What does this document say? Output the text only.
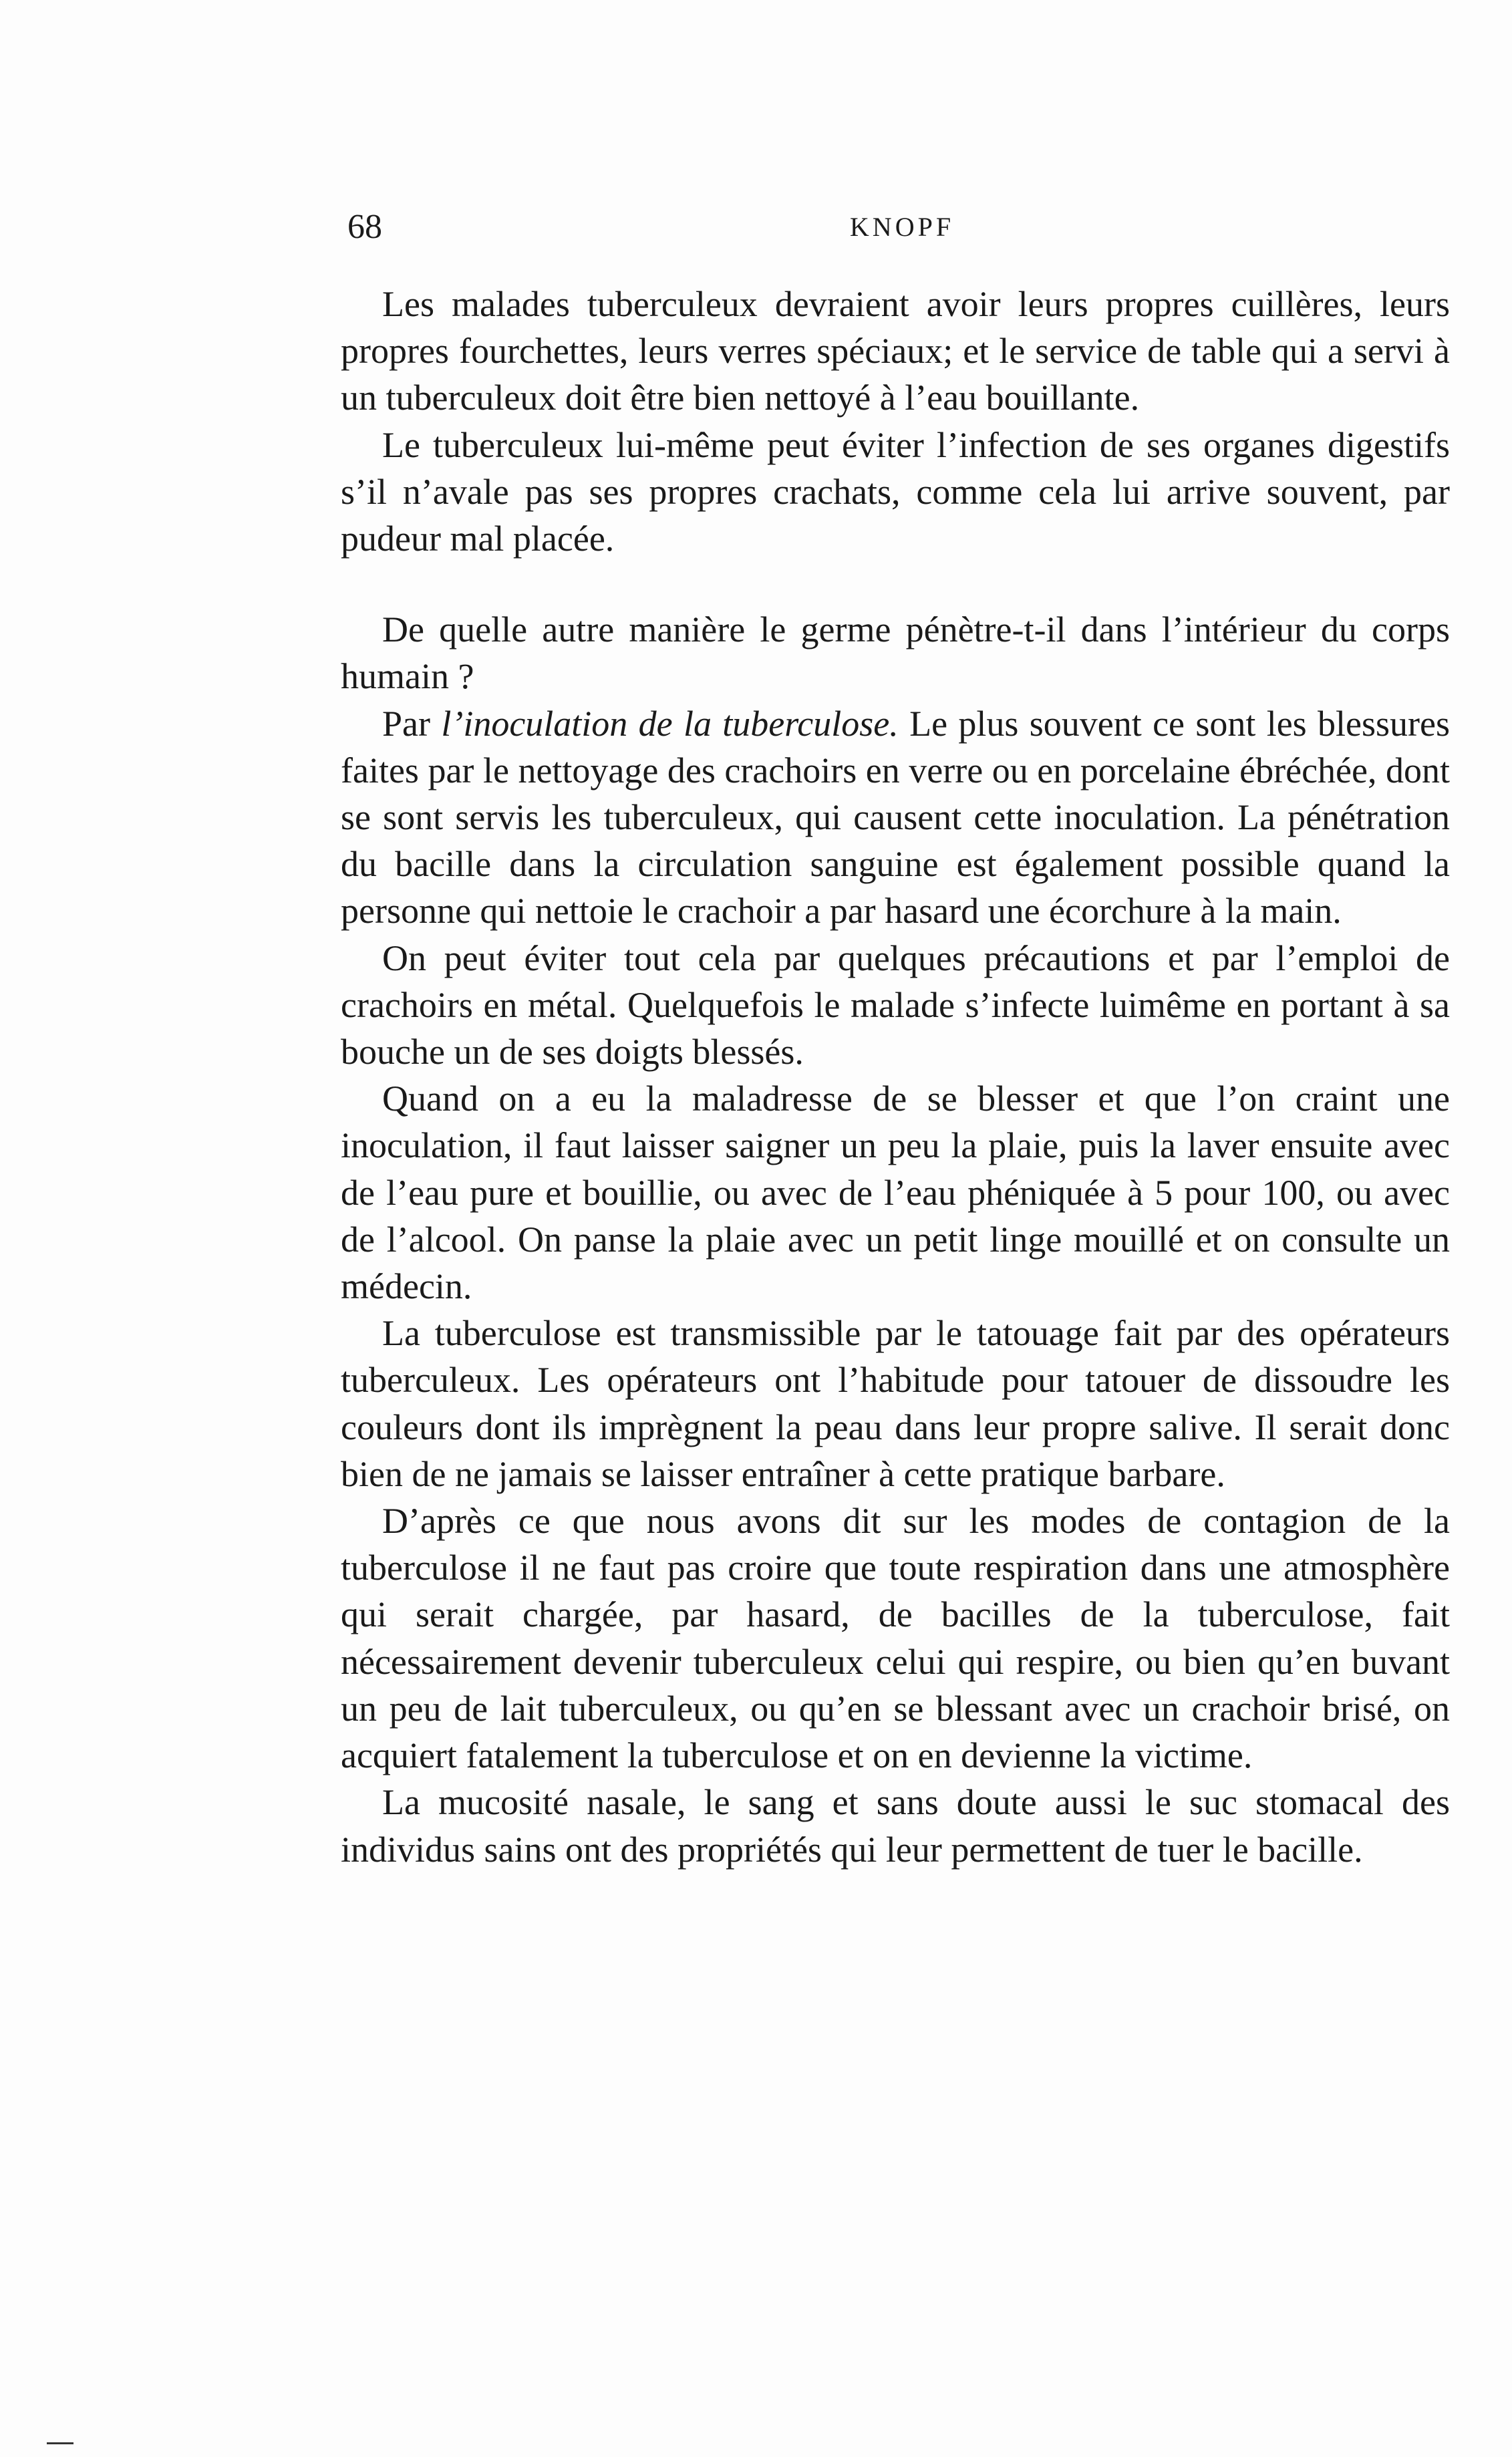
68	KNOPF

Les malades tuberculeux devraient avoir leurs propres cuillères, leurs propres fourchettes, leurs verres spéciaux; et le service de table qui a servi à un tuberculeux doit être bien nettoyé à l’eau bouillante.

Le tuberculeux lui-même peut éviter l’infection de ses organes digestifs s’il n’avale pas ses propres crachats, comme cela lui arrive souvent, par pudeur mal placée.

De quelle autre manière le germe pénètre-t-il dans l’intérieur du corps humain ?

Par l’inoculation de la tuberculose. Le plus souvent ce sont les blessures faites par le nettoyage des crachoirs en verre ou en porcelaine ébréchée, dont se sont servis les tuberculeux, qui causent cette inoculation. La pénétration du bacille dans la circulation sanguine est également possible quand la personne qui nettoie le crachoir a par hasard une écorchure à la main.

On peut éviter tout cela par quelques précautions et par l’emploi de crachoirs en métal. Quelquefois le malade s’infecte luimême en portant à sa bouche un de ses doigts blessés.

Quand on a eu la maladresse de se blesser et que l’on craint une inoculation, il faut laisser saigner un peu la plaie, puis la laver ensuite avec de l’eau pure et bouillie, ou avec de l’eau phéniquée à 5 pour 100, ou avec de l’alcool. On panse la plaie avec un petit linge mouillé et on consulte un médecin.

La tuberculose est transmissible par le tatouage fait par des opérateurs tuberculeux. Les opérateurs ont l’habitude pour tatouer de dissoudre les couleurs dont ils imprègnent la peau dans leur propre salive. Il serait donc bien de ne jamais se laisser entraîner à cette pratique barbare.

D’après ce que nous avons dit sur les modes de contagion de la tuberculose il ne faut pas croire que toute respiration dans une atmosphère qui serait chargée, par hasard, de bacilles de la tuberculose, fait nécessairement devenir tuberculeux celui qui respire, ou bien qu’en buvant un peu de lait tuberculeux, ou qu’en se blessant avec un crachoir brisé, on acquiert fatalement la tuberculose et on en devienne la victime.

La mucosité nasale, le sang et sans doute aussi le suc stomacal des individus sains ont des propriétés qui leur permettent de tuer le bacille.
